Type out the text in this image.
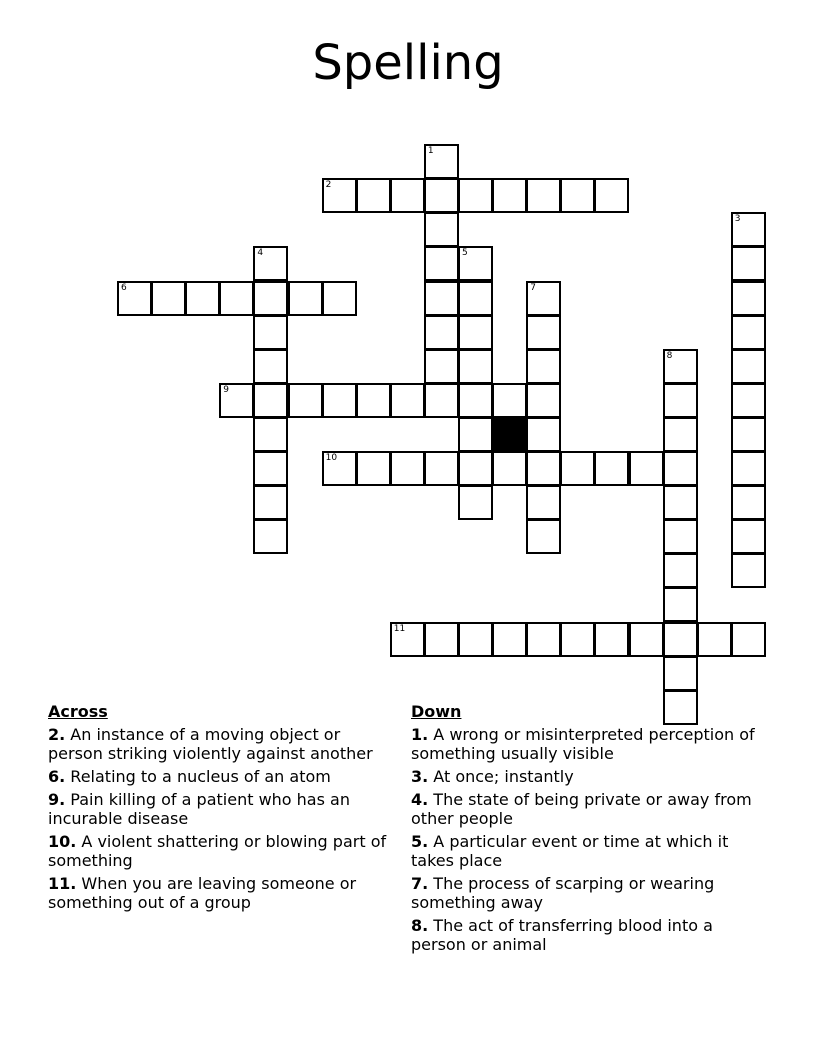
Spelling
1
2
3
4	5
6	7
8
9
10
11
Across
2. An instance of a moving object or person striking violently against another
6. Relating to a nucleus of an atom
9. Pain killing of a patient who has an incurable disease
10. A violent shattering or blowing part of something
11. When you are leaving someone or something out of a group
Down
1. A wrong or misinterpreted perception of something usually visible
3. At once; instantly
4. The state of being private or away from other people
5. A particular event or time at which it takes place
7. The process of scarping or wearing something away
8. The act of transferring blood into a person or animal
